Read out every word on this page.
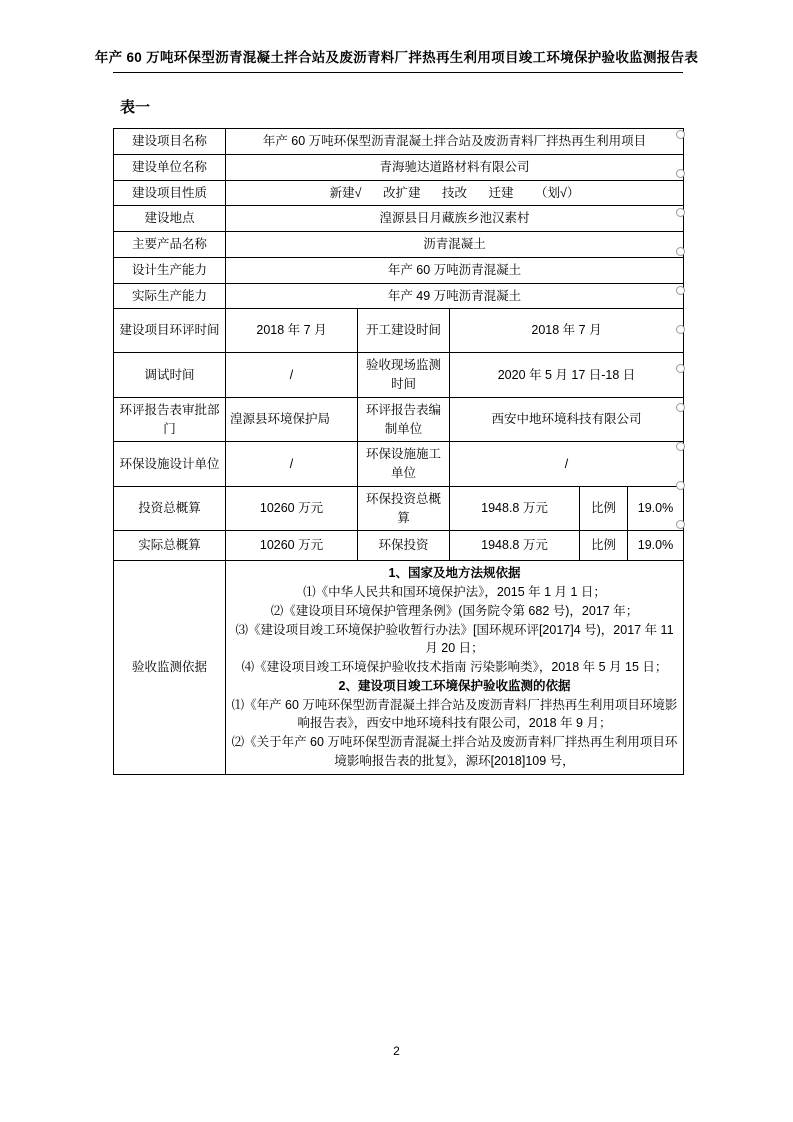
年产 60 万吨环保型沥青混凝土拌合站及废沥青料厂拌热再生利用项目竣工环境保护验收监测报告表
表一
建设项目名称	年产 60 万吨环保型沥青混凝土拌合站及废沥青料厂拌热再生利用项目				
建设单位名称	青海驰达道路材料有限公司				
建设项目性质	新建√ 改扩建 技改 迁建 （划√）				
建设地点	湟源县日月藏族乡池汉素村				
主要产品名称	沥青混凝土				
设计生产能力	年产 60 万吨沥青混凝土				
实际生产能力	年产 49 万吨沥青混凝土				
建设项目环评时间	2018 年 7 月	开工建设时间	2018 年 7 月		
调试时间	/	验收现场监测时间	2020 年 5 月 17 日-18 日		
环评报告表审批部门	湟源县环境保护局	环评报告表编制单位	西安中地环境科技有限公司		
环保设施设计单位	/	环保设施施工单位	/		
投资总概算	10260 万元	环保投资总概算	1948.8 万元	比例	19.0%
实际总概算	10260 万元	环保投资	1948.8 万元	比例	19.0%
验收监测依据	

1、国家及地方法规依据

⑴《中华人民共和国环境保护法》，2015 年 1 月 1 日；

⑵《建设项目环境保护管理条例》(国务院令第 682 号)，2017 年；

⑶《建设项目竣工环境保护验收暂行办法》[国环规环评[2017]4 号)，2017 年 11 月 20 日；

⑷《建设项目竣工环境保护验收技术指南 污染影响类》，2018 年 5 月 15 日；

2、建设项目竣工环境保护验收监测的依据

⑴《年产 60 万吨环保型沥青混凝土拌合站及废沥青料厂拌热再生利用项目环境影响报告表》，西安中地环境科技有限公司，2018 年 9 月；

⑵《关于年产 60 万吨环保型沥青混凝土拌合站及废沥青料厂拌热再生利用项目环境影响报告表的批复》，源环[2018]109 号，

2
